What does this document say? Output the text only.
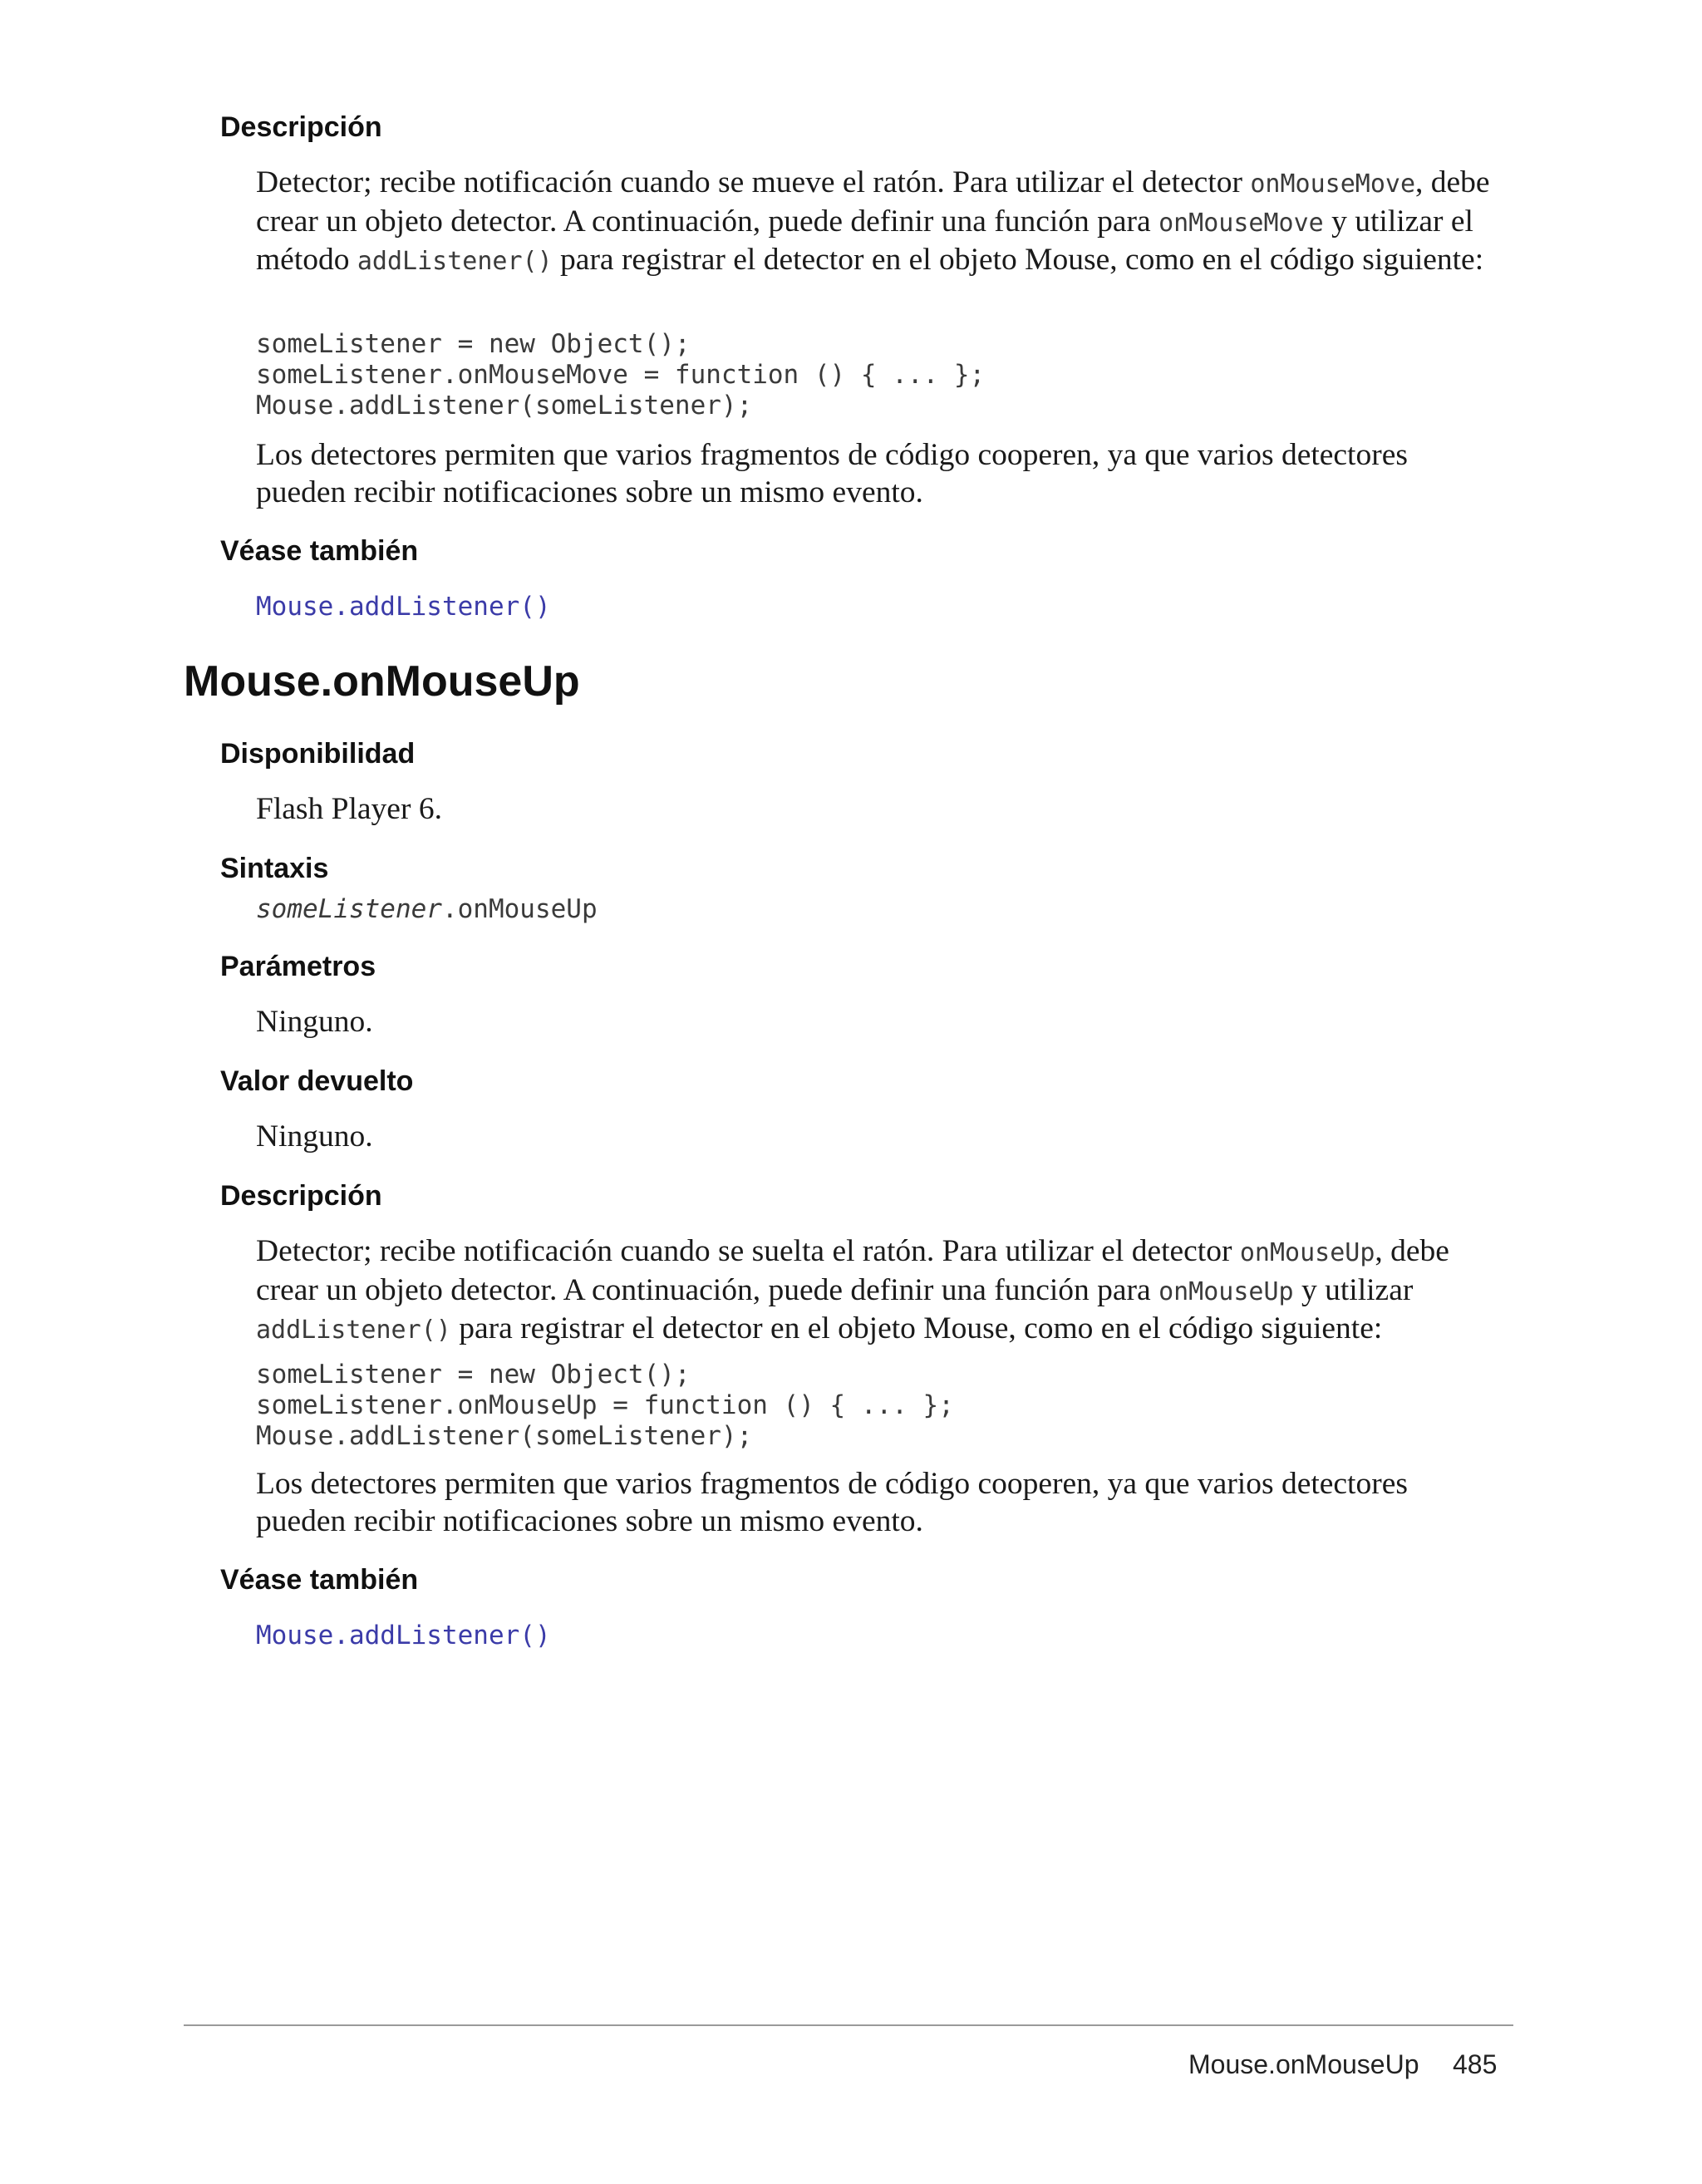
Descripción

Detector; recibe notificación cuando se mueve el ratón. Para utilizar el detector onMouseMove, debe crear un objeto detector. A continuación, puede definir una función para onMouseMove y utilizar el método addListener() para registrar el detector en el objeto Mouse, como en el código siguiente:

someListener = new Object();
someListener.onMouseMove = function () { ... };
Mouse.addListener(someListener);

Los detectores permiten que varios fragmentos de código cooperen, ya que varios detectores pueden recibir notificaciones sobre un mismo evento.

Véase también
Mouse.addListener()
Mouse.onMouseUp
Disponibilidad

Flash Player 6.

Sintaxis

someListener.onMouseUp

Parámetros

Ninguno.

Valor devuelto

Ninguno.

Descripción

Detector; recibe notificación cuando se suelta el ratón. Para utilizar el detector onMouseUp, debe crear un objeto detector. A continuación, puede definir una función para onMouseUp y utilizar addListener() para registrar el detector en el objeto Mouse, como en el código siguiente:

someListener = new Object();
someListener.onMouseUp = function () { ... };
Mouse.addListener(someListener);

Los detectores permiten que varios fragmentos de código cooperen, ya que varios detectores pueden recibir notificaciones sobre un mismo evento.

Véase también
Mouse.addListener()
Mouse.onMouseUp 485
